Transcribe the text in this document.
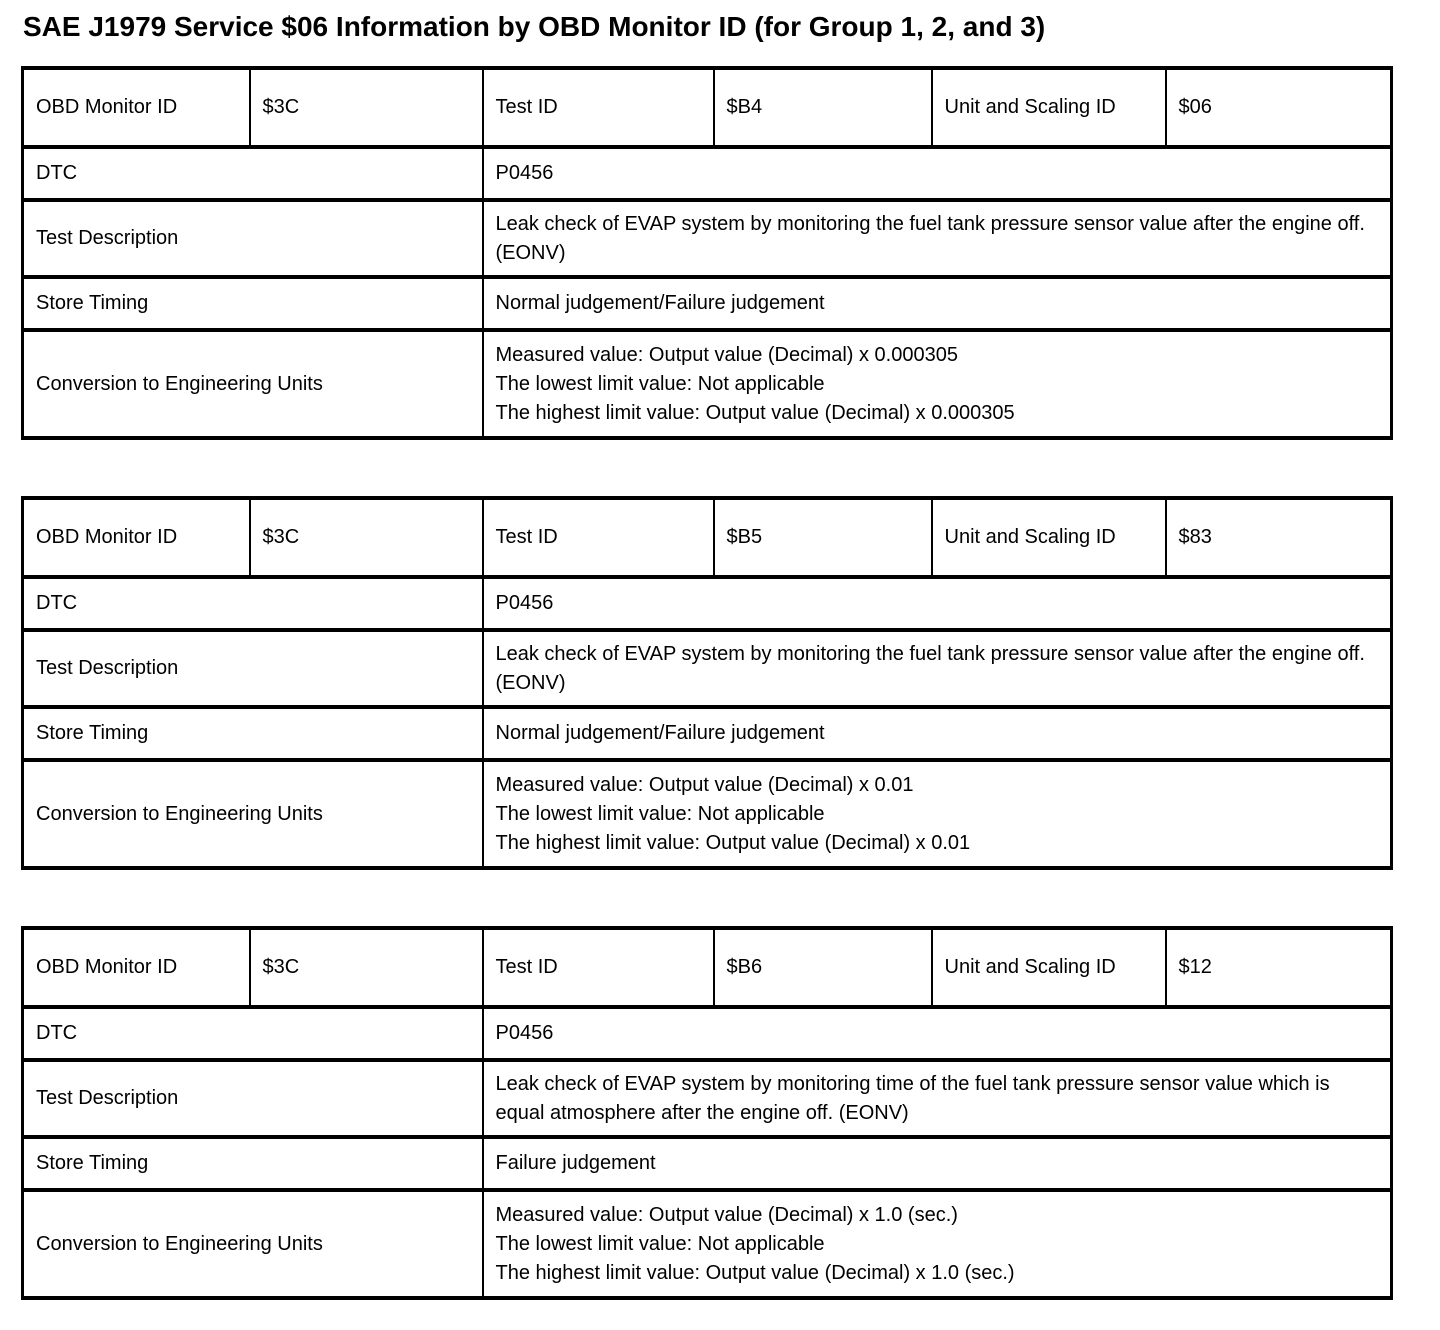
SAE J1979 Service $06 Information by OBD Monitor ID (for Group 1, 2, and 3)
OBD Monitor ID	$3C	Test ID	$B4	Unit and Scaling ID	$06
DTC		P0456			
Test Description		Leak check of EVAP system by monitoring the fuel tank pressure sensor value after the engine off. (EONV)			
Store Timing		Normal judgement/Failure judgement			
Conversion to Engineering Units		Measured value: Output value (Decimal) x 0.000305
The lowest limit value: Not applicable
The highest limit value: Output value (Decimal) x 0.000305			
OBD Monitor ID	$3C	Test ID	$B5	Unit and Scaling ID	$83
DTC		P0456			
Test Description		Leak check of EVAP system by monitoring the fuel tank pressure sensor value after the engine off. (EONV)			
Store Timing		Normal judgement/Failure judgement			
Conversion to Engineering Units		Measured value: Output value (Decimal) x 0.01
The lowest limit value: Not applicable
The highest limit value: Output value (Decimal) x 0.01			
OBD Monitor ID	$3C	Test ID	$B6	Unit and Scaling ID	$12
DTC		P0456			
Test Description		Leak check of EVAP system by monitoring time of the fuel tank pressure sensor value which is equal atmosphere after the engine off. (EONV)			
Store Timing		Failure judgement			
Conversion to Engineering Units		Measured value: Output value (Decimal) x 1.0 (sec.)
The lowest limit value: Not applicable
The highest limit value: Output value (Decimal) x 1.0 (sec.)			
